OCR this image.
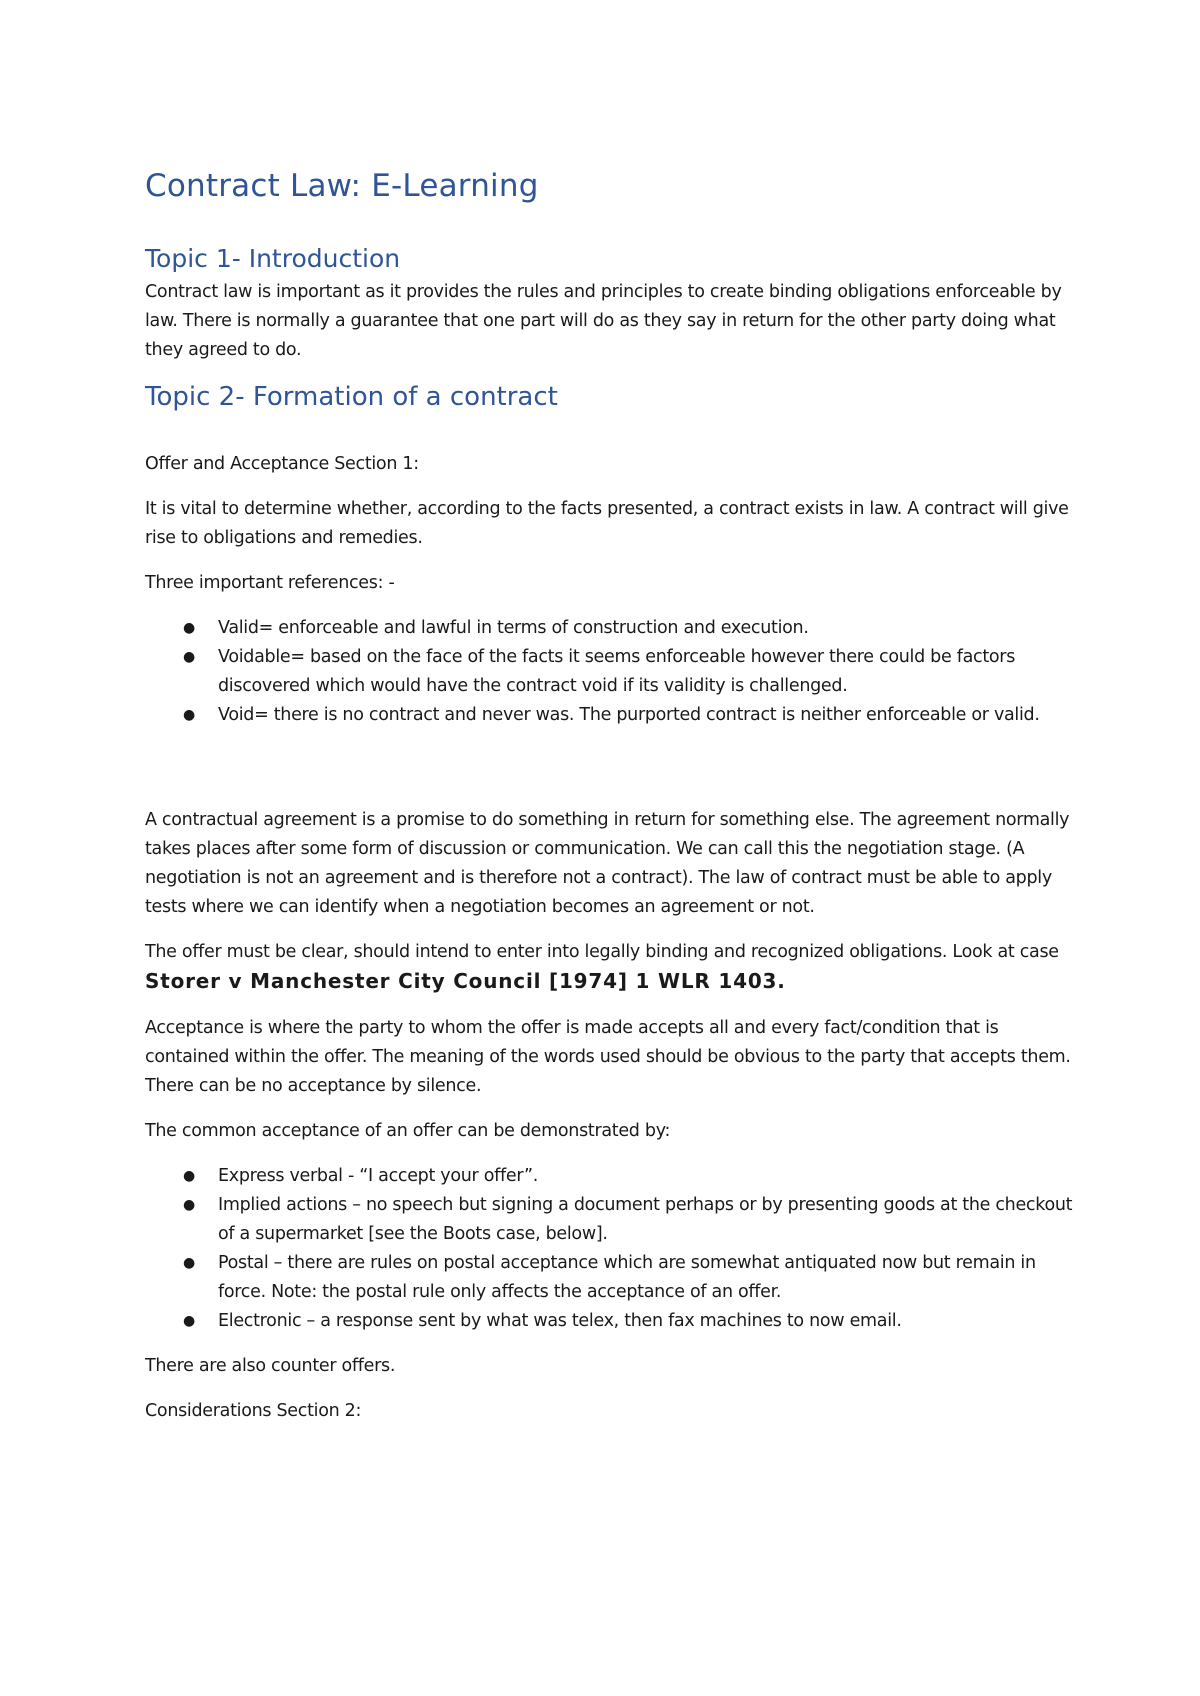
Contract Law: E-Learning
Topic 1- Introduction

Contract law is important as it provides the rules and principles to create binding obligations enforceable by law. There is normally a guarantee that one part will do as they say in return for the other party doing what they agreed to do.

Topic 2- Formation of a contract

Offer and Acceptance Section 1:

It is vital to determine whether, according to the facts presented, a contract exists in law. A contract will give rise to obligations and remedies.

Three important references: -

● Valid= enforceable and lawful in terms of construction and execution.
● Voidable= based on the face of the facts it seems enforceable however there could be factors discovered which would have the contract void if its validity is challenged.
● Void= there is no contract and never was. The purported contract is neither enforceable or valid.

A contractual agreement is a promise to do something in return for something else. The agreement normally takes places after some form of discussion or communication. We can call this the negotiation stage. (A negotiation is not an agreement and is therefore not a contract). The law of contract must be able to apply tests where we can identify when a negotiation becomes an agreement or not.

The offer must be clear, should intend to enter into legally binding and recognized obligations. Look at case Storer v Manchester City Council [1974] 1 WLR 1403.

Acceptance is where the party to whom the offer is made accepts all and every fact/condition that is contained within the offer. The meaning of the words used should be obvious to the party that accepts them. There can be no acceptance by silence.

The common acceptance of an offer can be demonstrated by:

● Express verbal - “I accept your offer”.
● Implied actions – no speech but signing a document perhaps or by presenting goods at the checkout of a supermarket [see the Boots case, below].
● Postal – there are rules on postal acceptance which are somewhat antiquated now but remain in force. Note: the postal rule only affects the acceptance of an offer.
● Electronic – a response sent by what was telex, then fax machines to now email.

There are also counter offers.

Considerations Section 2:
